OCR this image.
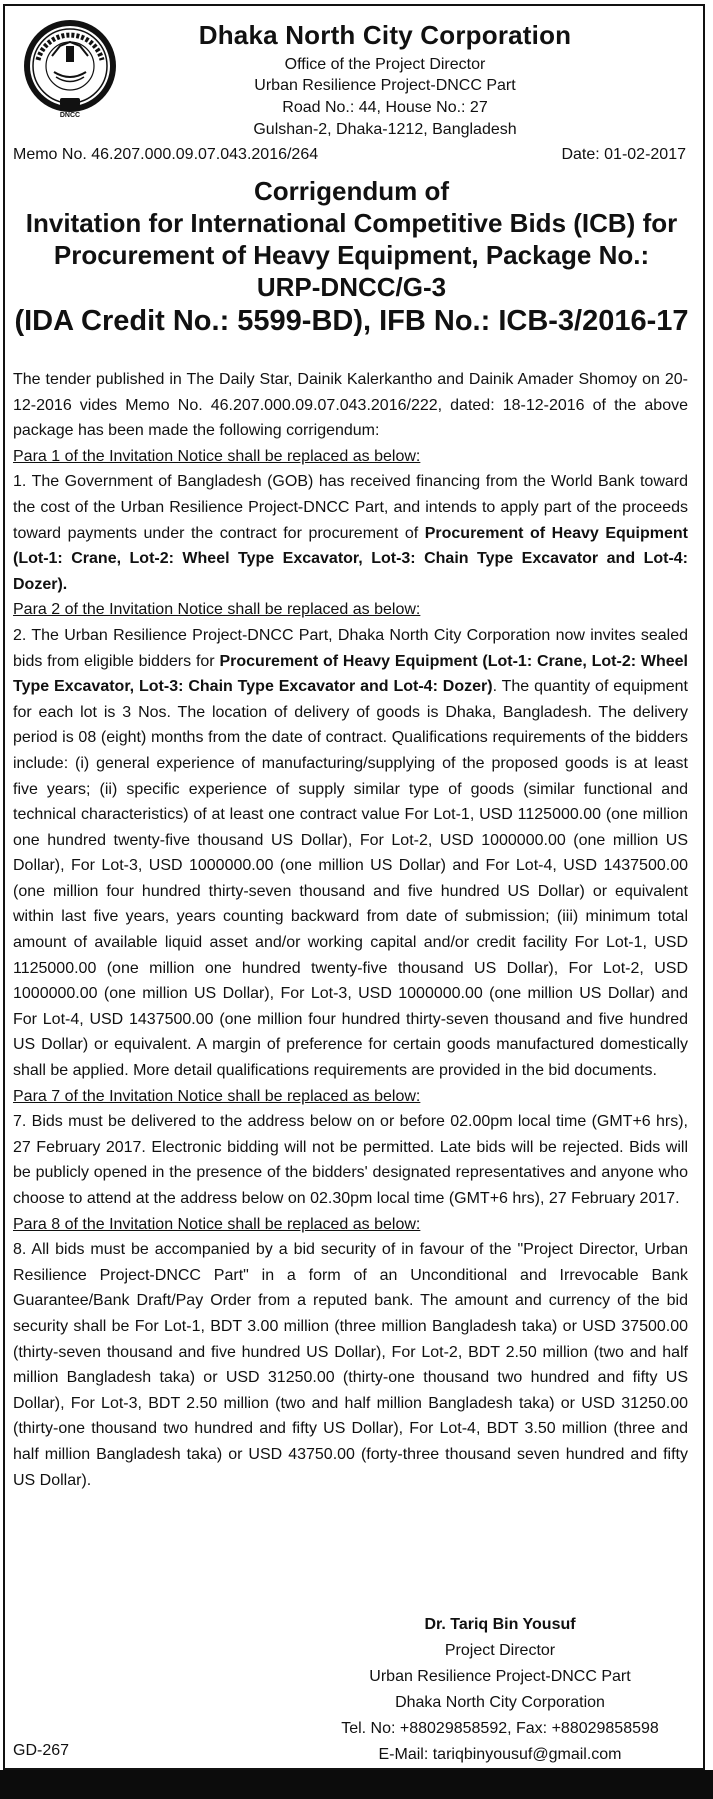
DNCC
Dhaka North City Corporation
Office of the Project Director
Urban Resilience Project-DNCC Part
Road No.: 44, House No.: 27
Gulshan-2, Dhaka-1212, Bangladesh
Memo No. 46.207.000.09.07.043.2016/264	Date: 01-02-2017
Corrigendum of
Invitation for International Competitive Bids (ICB) for
Procurement of Heavy Equipment, Package No.:
URP-DNCC/G-3
(IDA Credit No.: 5599-BD), IFB No.: ICB-3/2016-17

The tender published in The Daily Star, Dainik Kalerkantho and Dainik Amader Shomoy on 20-12-2016 vides Memo No. 46.207.000.09.07.043.2016/222, dated: 18-12-2016 of the above package has been made the following corrigendum:

Para 1 of the Invitation Notice shall be replaced as below:

1. The Government of Bangladesh (GOB) has received financing from the World Bank toward the cost of the Urban Resilience Project-DNCC Part, and intends to apply part of the proceeds toward payments under the contract for procurement of Procurement of Heavy Equipment (Lot-1: Crane, Lot-2: Wheel Type Excavator, Lot-3: Chain Type Excavator and Lot-4: Dozer).

Para 2 of the Invitation Notice shall be replaced as below:

2. The Urban Resilience Project-DNCC Part, Dhaka North City Corporation now invites sealed bids from eligible bidders for Procurement of Heavy Equipment (Lot-1: Crane, Lot-2: Wheel Type Excavator, Lot-3: Chain Type Excavator and Lot-4: Dozer). The quantity of equipment for each lot is 3 Nos. The location of delivery of goods is Dhaka, Bangladesh. The delivery period is 08 (eight) months from the date of contract. Qualifications requirements of the bidders include: (i) general experience of manufacturing/supplying of the proposed goods is at least five years; (ii) specific experience of supply similar type of goods (similar functional and technical characteristics) of at least one contract value For Lot-1, USD 1125000.00 (one million one hundred twenty-five thousand US Dollar), For Lot-2, USD 1000000.00 (one million US Dollar), For Lot-3, USD 1000000.00 (one million US Dollar) and For Lot-4, USD 1437500.00 (one million four hundred thirty-seven thousand and five hundred US Dollar) or equivalent within last five years, years counting backward from date of submission; (iii) minimum total amount of available liquid asset and/or working capital and/or credit facility For Lot-1, USD 1125000.00 (one million one hundred twenty-five thousand US Dollar), For Lot-2, USD 1000000.00 (one million US Dollar), For Lot-3, USD 1000000.00 (one million US Dollar) and For Lot-4, USD 1437500.00 (one million four hundred thirty-seven thousand and five hundred US Dollar) or equivalent. A margin of preference for certain goods manufactured domestically shall be applied. More detail qualifications requirements are provided in the bid documents.

Para 7 of the Invitation Notice shall be replaced as below:

7. Bids must be delivered to the address below on or before 02.00pm local time (GMT+6 hrs), 27 February 2017. Electronic bidding will not be permitted. Late bids will be rejected. Bids will be publicly opened in the presence of the bidders' designated representatives and anyone who choose to attend at the address below on 02.30pm local time (GMT+6 hrs), 27 February 2017.

Para 8 of the Invitation Notice shall be replaced as below:

8. All bids must be accompanied by a bid security of in favour of the "Project Director, Urban Resilience Project-DNCC Part" in a form of an Unconditional and Irrevocable Bank Guarantee/Bank Draft/Pay Order from a reputed bank. The amount and currency of the bid security shall be For Lot-1, BDT 3.00 million (three million Bangladesh taka) or USD 37500.00 (thirty-seven thousand and five hundred US Dollar), For Lot-2, BDT 2.50 million (two and half million Bangladesh taka) or USD 31250.00 (thirty-one thousand two hundred and fifty US Dollar), For Lot-3, BDT 2.50 million (two and half million Bangladesh taka) or USD 31250.00 (thirty-one thousand two hundred and fifty US Dollar), For Lot-4, BDT 3.50 million (three and half million Bangladesh taka) or USD 43750.00 (forty-three thousand seven hundred and fifty US Dollar).

Dr. Tariq Bin Yousuf
Project Director
Urban Resilience Project-DNCC Part
Dhaka North City Corporation
Tel. No: +88029858592, Fax: +88029858598
E-Mail: tariqbinyousuf@gmail.com
GD-267
